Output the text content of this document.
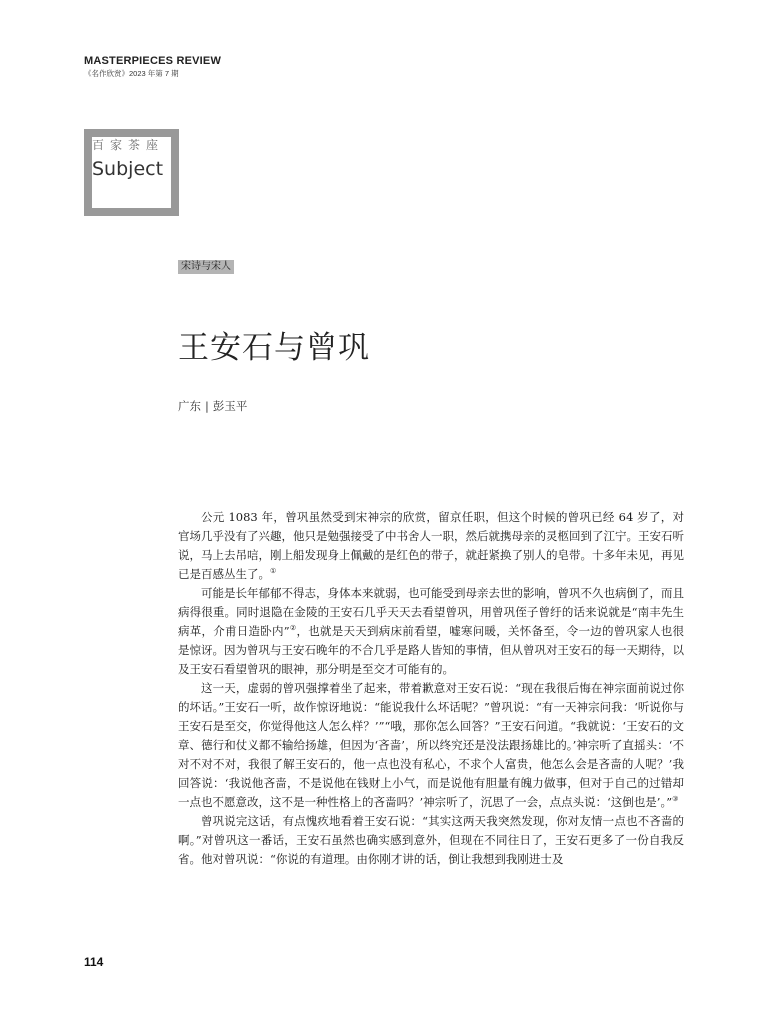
MASTERPIECES REVIEW
《名作欣赏》2023 年第 7 期
百家茶座
Subject
宋诗与宋人
王安石与曾巩
广东 | 彭玉平

公元 1083 年，曾巩虽然受到宋神宗的欣赏，留京任职，但这个时候的曾巩已经 64 岁了，对官场几乎没有了兴趣，他只是勉强接受了中书舍人一职，然后就携母亲的灵柩回到了江宁。王安石听说，马上去吊唁，刚上船发现身上佩戴的是红色的带子，就赶紧换了别人的皂带。十多年未见，再见已是百感丛生了。①

可能是长年郁郁不得志，身体本来就弱，也可能受到母亲去世的影响，曾巩不久也病倒了，而且病得很重。同时退隐在金陵的王安石几乎天天去看望曾巩，用曾巩侄子曾纡的话来说就是“南丰先生病革，介甫日造卧内”②，也就是天天到病床前看望，嘘寒问暖，关怀备至，令一边的曾巩家人也很是惊讶。因为曾巩与王安石晚年的不合几乎是路人皆知的事情，但从曾巩对王安石的每一天期待，以及王安石看望曾巩的眼神，那分明是至交才可能有的。

这一天，虚弱的曾巩强撑着坐了起来，带着歉意对王安石说：“现在我很后悔在神宗面前说过你的坏话。”王安石一听，故作惊讶地说：“能说我什么坏话呢？”曾巩说：“有一天神宗问我：‘听说你与王安石是至交，你觉得他这人怎么样？’”“哦，那你怎么回答？”王安石问道。“我就说：‘王安石的文章、德行和仗义都不输给扬雄，但因为‘吝啬’，所以终究还是没法跟扬雄比的。’神宗听了直摇头：‘不对不对不对，我很了解王安石的，他一点也没有私心，不求个人富贵，他怎么会是吝啬的人呢？’我回答说：‘我说他吝啬，不是说他在钱财上小气，而是说他有胆量有魄力做事，但对于自己的过错却一点也不愿意改，这不是一种性格上的吝啬吗？’神宗听了，沉思了一会，点点头说：‘这倒也是’。”③

曾巩说完这话，有点愧疚地看着王安石说：“其实这两天我突然发现，你对友情一点也不吝啬的啊。”对曾巩这一番话，王安石虽然也确实感到意外，但现在不同往日了，王安石更多了一份自我反省。他对曾巩说：“你说的有道理。由你刚才讲的话，倒让我想到我刚进士及

114
